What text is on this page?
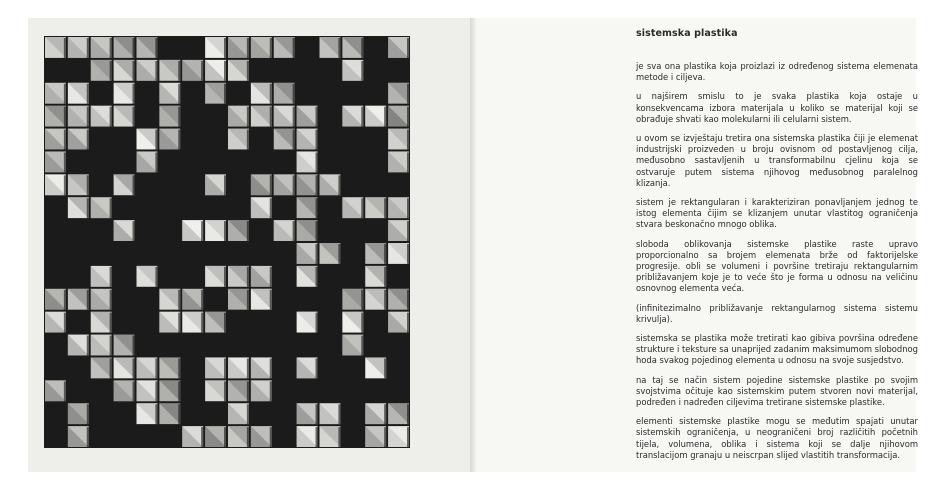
sistemska plastika

je sva ona plastika koja proizlazi iz određenog sistema elemenata metode i ciljeva.

u najširem smislu to je svaka plastika koja ostaje u konsekvencama izbora materijala u koliko se materijal koji se obrađuje shvati kao molekularni ili celularni sistem.

u ovom se izvještaju tretira ona sistemska plastika čiji je elemenat industrijski proizveden u broju ovisnom od postavljenog cilja, međusobno sastavljenih u transformabilnu cjelinu koja se ostvaruje putem sistema njihovog međusobnog paralelnog klizanja.

sistem je rektangularan i karakteriziran ponavljanjem jednog te istog elementa čijim se klizanjem unutar vlastitog ograničenja stvara beskonačno mnogo oblika.

sloboda oblikovanja sistemske plastike raste upravo proporcionalno sa brojem elemenata brže od faktorijelske progresije. obli se volumeni i površine tretiraju rektangularnim približavanjem koje je to veće što je forma u odnosu na veličinu osnovnog elementa veća.

(infinitezimalno približavanje rektangularnog sistema sistemu krivulja).

sistemska se plastika može tretirati kao gibiva površina određene strukture i teksture sa unaprijed zadanim maksimumom slobodnog hoda svakog pojedinog elementa u odnosu na svoje susjedstvo.

na taj se način sistem pojedine sistemske plastike po svojim svojstvima očituje kao sistemskim putem stvoren novi materijal, podređen i nadređen ciljevima tretirane sistemske plastike.

elementi sistemske plastike mogu se međutim spajati unutar sistemskih ograničenja, u neograničeni broj različitih početnih tijela, volumena, oblika i sistema koji se dalje njihovom translacijom granaju u neiscrpan slijed vlastitih transformacija.
